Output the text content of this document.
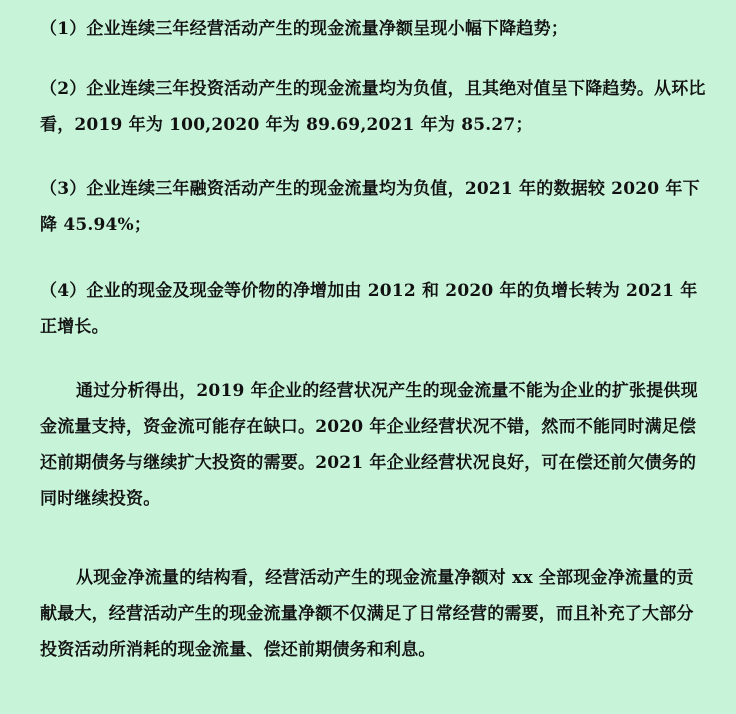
（1）企业连续三年经营活动产生的现金流量净额呈现小幅下降趋势；

（2）企业连续三年投资活动产生的现金流量均为负值，且其绝对值呈下降趋势。从环比看，2019 年为 100,2020 年为 89.69,2021 年为 85.27；

（3）企业连续三年融资活动产生的现金流量均为负值，2021 年的数据较 2020 年下降 45.94%；

（4）企业的现金及现金等价物的净增加由 2012 和 2020 年的负增长转为 2021 年正增长。

通过分析得出，2019 年企业的经营状况产生的现金流量不能为企业的扩张提供现金流量支持，资金流可能存在缺口。2020 年企业经营状况不错，然而不能同时满足偿还前期债务与继续扩大投资的需要。2021 年企业经营状况良好，可在偿还前欠债务的同时继续投资。

从现金净流量的结构看，经营活动产生的现金流量净额对 xx 全部现金净流量的贡献最大，经营活动产生的现金流量净额不仅满足了日常经营的需要，而且补充了大部分投资活动所消耗的现金流量、偿还前期债务和利息。
